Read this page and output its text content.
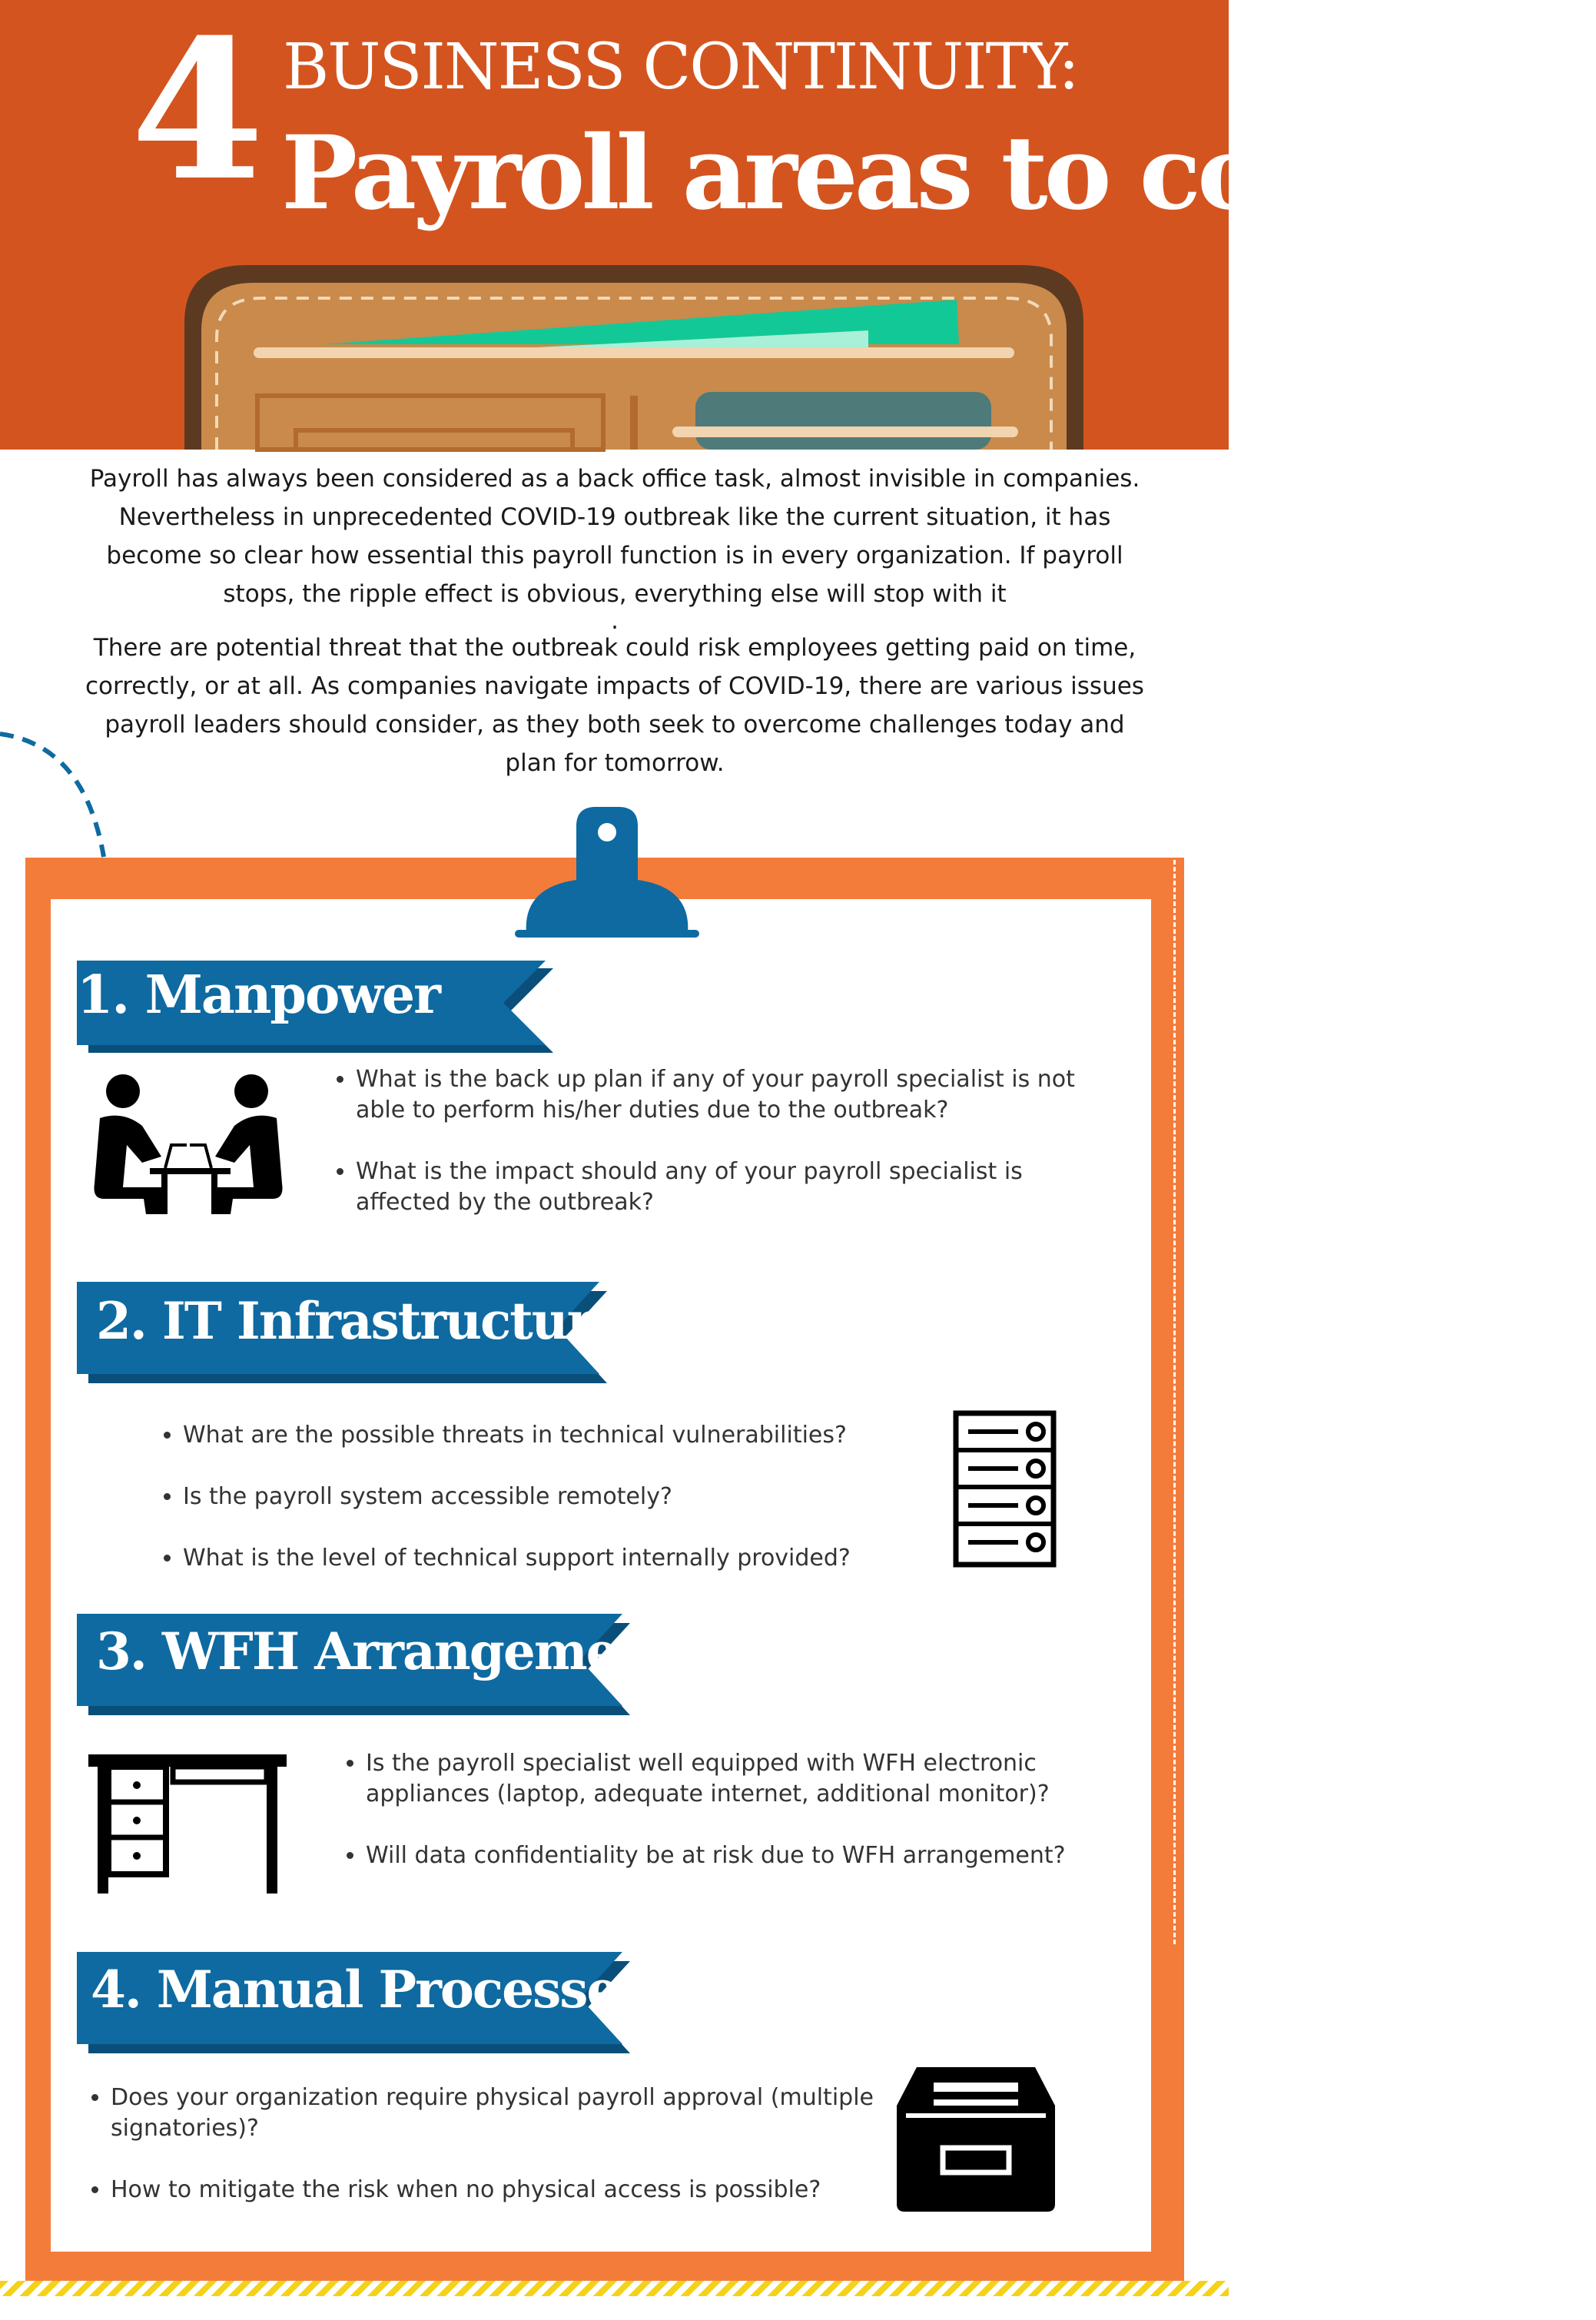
4 BUSINESS CONTINUITY:
Payroll areas to consider

Payroll has always been considered as a back office task, almost invisible in companies. Nevertheless in unprecedented COVID-19 outbreak like the current situation, it has become so clear how essential this payroll function is in every organization. If payroll stops, the ripple effect is obvious, everything else will stop with it

.

There are potential threat that the outbreak could risk employees getting paid on time, correctly, or at all. As companies navigate impacts of COVID-19, there are various issues payroll leaders should consider, as they both seek to overcome challenges today and plan for tomorrow.

1. Manpower
• What is the back up plan if any of your payroll specialist is not able to perform his/her duties due to the outbreak?
• What is the impact should any of your payroll specialist is affected by the outbreak?
2. IT Infrastructure
• What are the possible threats in technical vulnerabilities?
• Is the payroll system accessible remotely?
• What is the level of technical support internally provided?
3. WFH Arrangement
• Is the payroll specialist well equipped with WFH electronic appliances (laptop, adequate internet, additional monitor)?
• Will data confidentiality be at risk due to WFH arrangement?
4. Manual Processes
• Does your organization require physical payroll approval (multiple signatories)?
• How to mitigate the risk when no physical access is possible?
